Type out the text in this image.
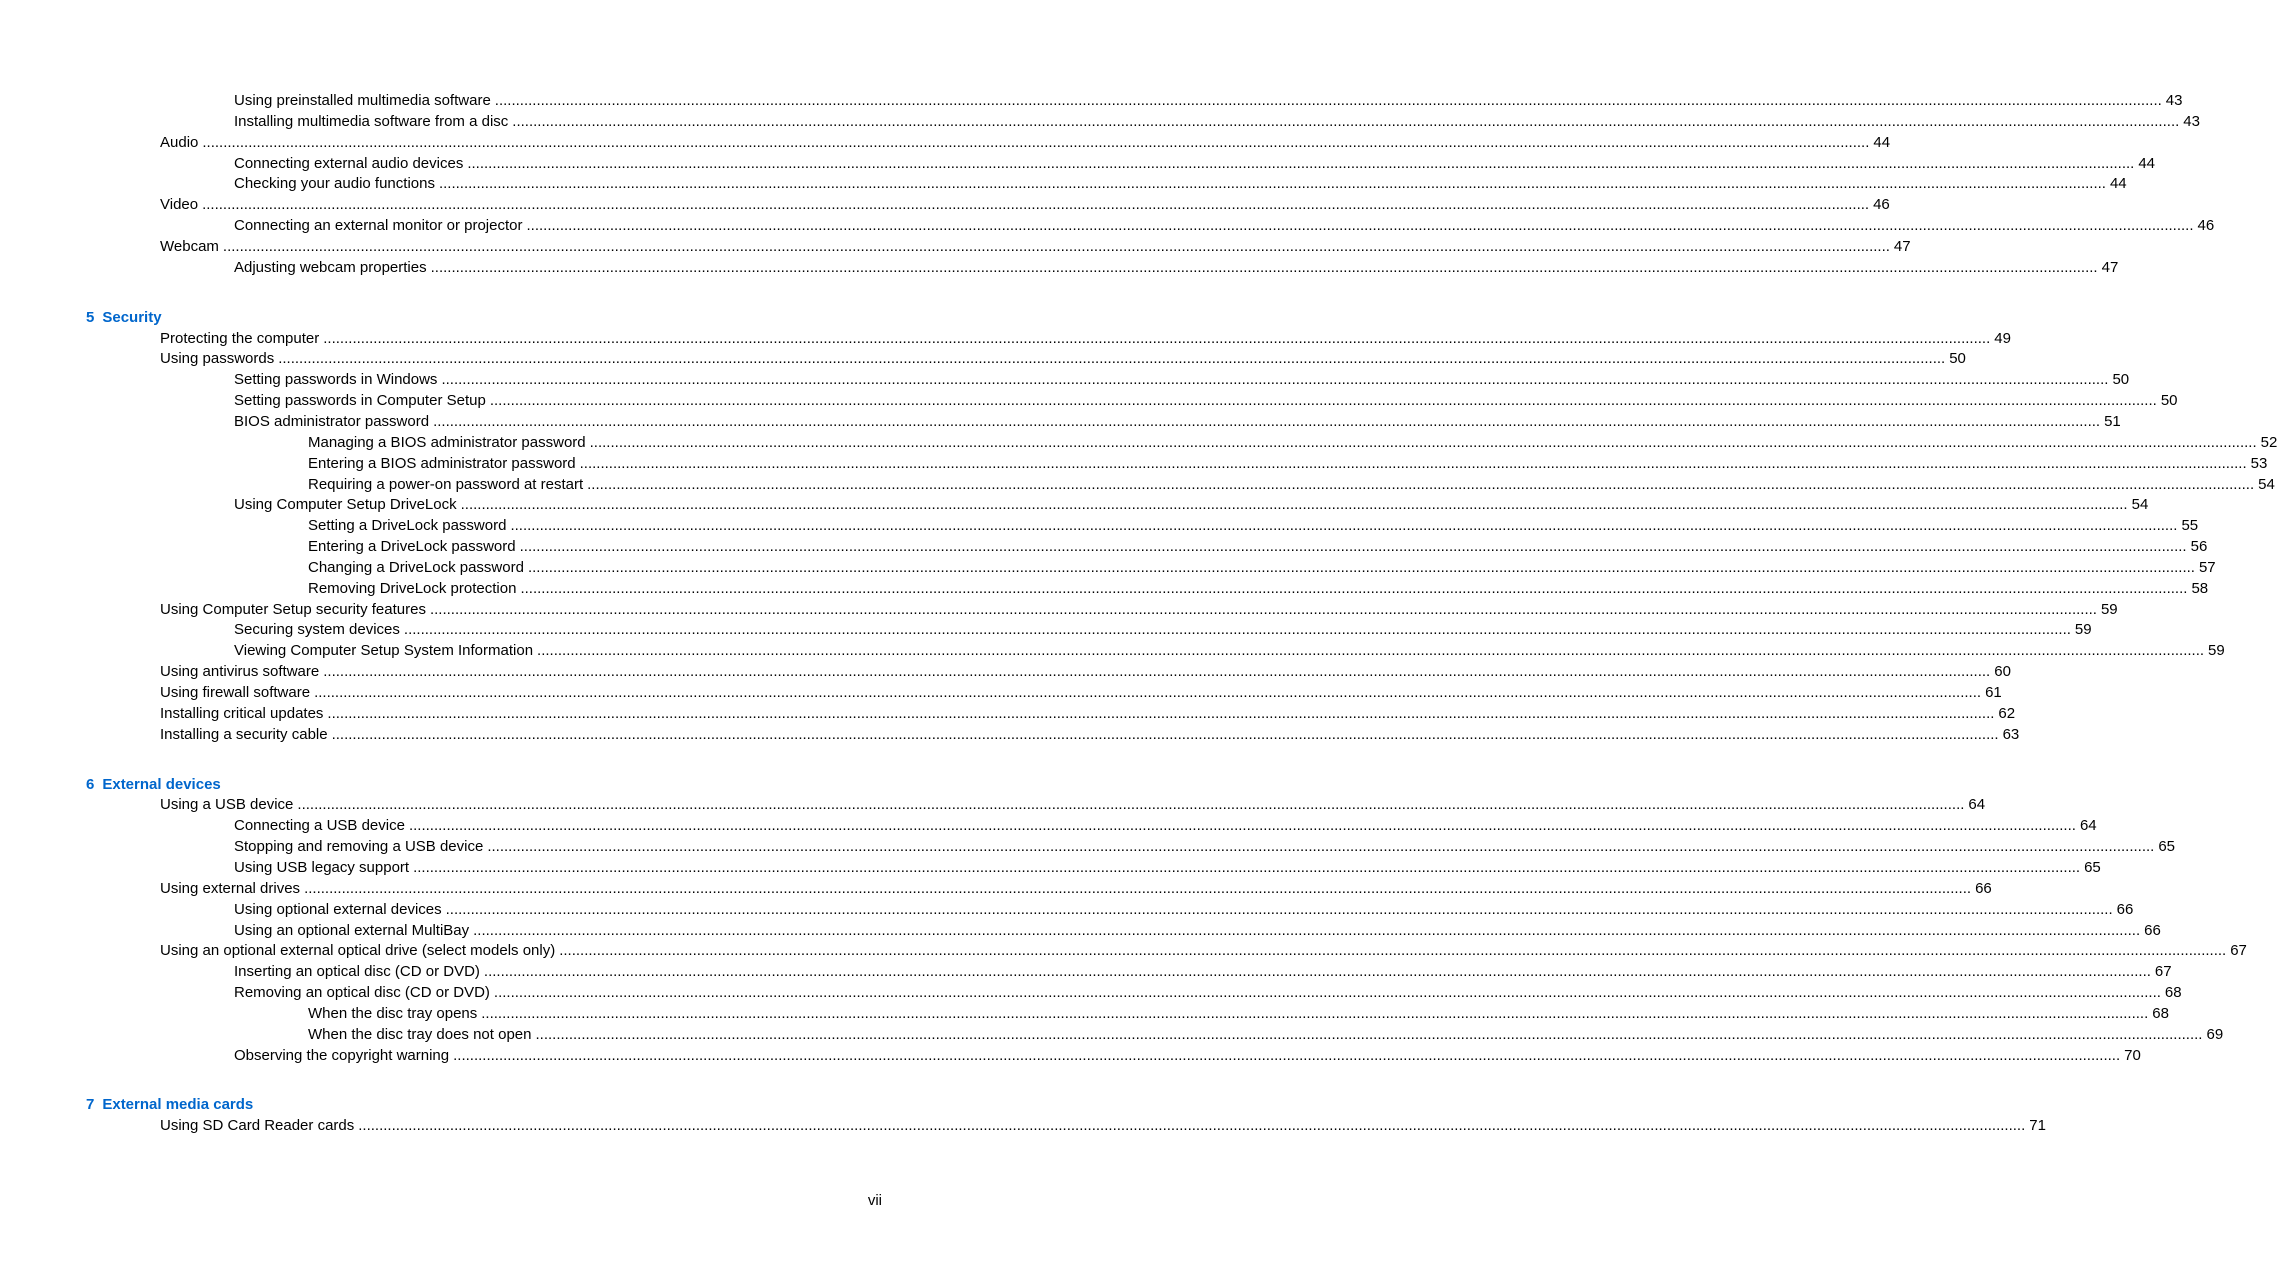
Using preinstalled multimedia software ................................................................................................................................................................................................................................................................................................................................................................................................................ 43
Installing multimedia software from a disc ................................................................................................................................................................................................................................................................................................................................................................................................................ 43
Audio ................................................................................................................................................................................................................................................................................................................................................................................................................ 44
Connecting external audio devices ................................................................................................................................................................................................................................................................................................................................................................................................................ 44
Checking your audio functions ................................................................................................................................................................................................................................................................................................................................................................................................................ 44
Video ................................................................................................................................................................................................................................................................................................................................................................................................................ 46
Connecting an external monitor or projector ................................................................................................................................................................................................................................................................................................................................................................................................................ 46
Webcam ................................................................................................................................................................................................................................................................................................................................................................................................................ 47
Adjusting webcam properties ................................................................................................................................................................................................................................................................................................................................................................................................................ 47
5 Security
Protecting the computer ................................................................................................................................................................................................................................................................................................................................................................................................................ 49
Using passwords ................................................................................................................................................................................................................................................................................................................................................................................................................ 50
Setting passwords in Windows ................................................................................................................................................................................................................................................................................................................................................................................................................ 50
Setting passwords in Computer Setup ................................................................................................................................................................................................................................................................................................................................................................................................................ 50
BIOS administrator password ................................................................................................................................................................................................................................................................................................................................................................................................................ 51
Managing a BIOS administrator password ................................................................................................................................................................................................................................................................................................................................................................................................................ 52
Entering a BIOS administrator password ................................................................................................................................................................................................................................................................................................................................................................................................................ 53
Requiring a power-on password at restart ................................................................................................................................................................................................................................................................................................................................................................................................................ 54
Using Computer Setup DriveLock ................................................................................................................................................................................................................................................................................................................................................................................................................ 54
Setting a DriveLock password ................................................................................................................................................................................................................................................................................................................................................................................................................ 55
Entering a DriveLock password ................................................................................................................................................................................................................................................................................................................................................................................................................ 56
Changing a DriveLock password ................................................................................................................................................................................................................................................................................................................................................................................................................ 57
Removing DriveLock protection ................................................................................................................................................................................................................................................................................................................................................................................................................ 58
Using Computer Setup security features ................................................................................................................................................................................................................................................................................................................................................................................................................ 59
Securing system devices ................................................................................................................................................................................................................................................................................................................................................................................................................ 59
Viewing Computer Setup System Information ................................................................................................................................................................................................................................................................................................................................................................................................................ 59
Using antivirus software ................................................................................................................................................................................................................................................................................................................................................................................................................ 60
Using firewall software ................................................................................................................................................................................................................................................................................................................................................................................................................ 61
Installing critical updates ................................................................................................................................................................................................................................................................................................................................................................................................................ 62
Installing a security cable ................................................................................................................................................................................................................................................................................................................................................................................................................ 63
6 External devices
Using a USB device ................................................................................................................................................................................................................................................................................................................................................................................................................ 64
Connecting a USB device ................................................................................................................................................................................................................................................................................................................................................................................................................ 64
Stopping and removing a USB device ................................................................................................................................................................................................................................................................................................................................................................................................................ 65
Using USB legacy support ................................................................................................................................................................................................................................................................................................................................................................................................................ 65
Using external drives ................................................................................................................................................................................................................................................................................................................................................................................................................ 66
Using optional external devices ................................................................................................................................................................................................................................................................................................................................................................................................................ 66
Using an optional external MultiBay ................................................................................................................................................................................................................................................................................................................................................................................................................ 66
Using an optional external optical drive (select models only) ................................................................................................................................................................................................................................................................................................................................................................................................................ 67
Inserting an optical disc (CD or DVD) ................................................................................................................................................................................................................................................................................................................................................................................................................ 67
Removing an optical disc (CD or DVD) ................................................................................................................................................................................................................................................................................................................................................................................................................ 68
When the disc tray opens ................................................................................................................................................................................................................................................................................................................................................................................................................ 68
When the disc tray does not open ................................................................................................................................................................................................................................................................................................................................................................................................................ 69
Observing the copyright warning ................................................................................................................................................................................................................................................................................................................................................................................................................ 70
7 External media cards
Using SD Card Reader cards ................................................................................................................................................................................................................................................................................................................................................................................................................ 71
vii
